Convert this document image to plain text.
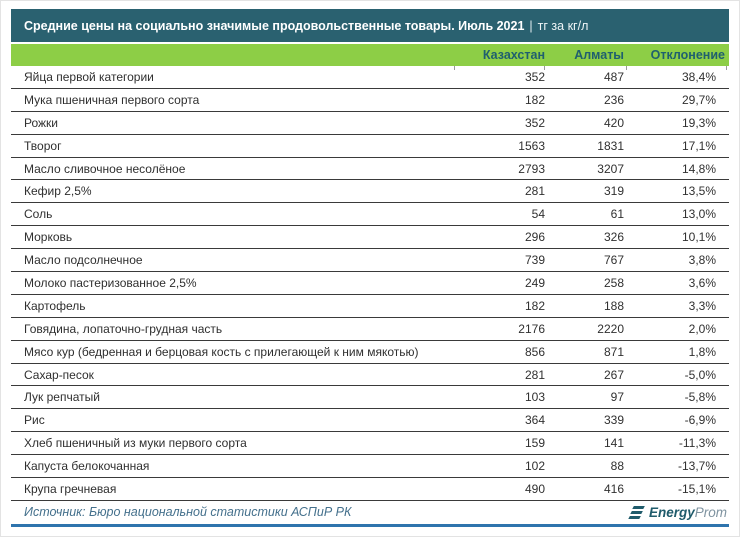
Средние цены на социально значимые продовольственные товары. Июль 2021 | тг за кг/л
Казахстан	Алматы	Отклонение
Яйца первой категории	352	487	38,4%
Мука пшеничная первого сорта	182	236	29,7%
Рожки	352	420	19,3%
Творог	1563	1831	17,1%
Масло сливочное несолёное	2793	3207	14,8%
Кефир 2,5%	281	319	13,5%
Соль	54	61	13,0%
Морковь	296	326	10,1%
Масло подсолнечное	739	767	3,8%
Молоко пастеризованное 2,5%	249	258	3,6%
Картофель	182	188	3,3%
Говядина, лопаточно-грудная часть	2176	2220	2,0%
Мясо кур (бедренная и берцовая кость с прилегающей к ним мякотью)	856	871	1,8%
Сахар-песок	281	267	-5,0%
Лук репчатый	103	97	-5,8%
Рис	364	339	-6,9%
Хлеб пшеничный из муки первого сорта	159	141	-11,3%
Капуста белокочанная	102	88	-13,7%
Крупа гречневая	490	416	-15,1%
Источник: Бюро национальной статистики АСПиР РК	EnergyProm
